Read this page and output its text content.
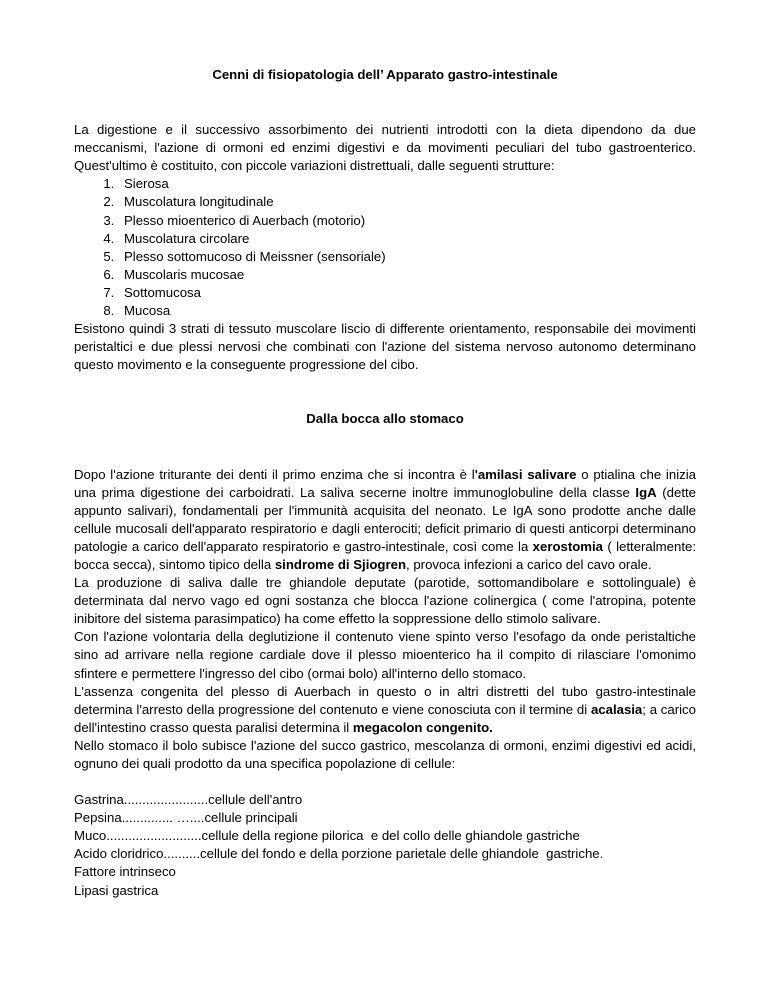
Cenni di fisiopatologia dell’ Apparato gastro-intestinale

La digestione e il successivo assorbimento dei nutrienti introdotti con la dieta dipendono da due meccanismi, l'azione di ormoni ed enzimi digestivi e da movimenti peculiari del tubo gastroenterico. Quest'ultimo è costituito, con piccole variazioni distrettuali, dalle seguenti strutture:

1. Sierosa
2. Muscolatura longitudinale
3. Plesso mioenterico di Auerbach (motorio)
4. Muscolatura circolare
5. Plesso sottomucoso di Meissner (sensoriale)
6. Muscolaris mucosae
7. Sottomucosa
8. Mucosa

Esistono quindi 3 strati di tessuto muscolare liscio di differente orientamento, responsabile dei movimenti peristaltici e due plessi nervosi che combinati con l'azione del sistema nervoso autonomo determinano questo movimento e la conseguente progressione del cibo.

Dalla bocca allo stomaco

Dopo l'azione triturante dei denti il primo enzima che si incontra è l'amilasi salivare o ptialina che inizia una prima digestione dei carboidrati. La saliva secerne inoltre immunoglobuline della classe IgA (dette appunto salivari), fondamentali per l'immunità acquisita del neonato. Le IgA sono prodotte anche dalle cellule mucosali dell'apparato respiratorio e dagli enterociti; deficit primario di questi anticorpi determinano patologie a carico dell'apparato respiratorio e gastro-intestinale, così come la xerostomia ( letteralmente: bocca secca), sintomo tipico della sindrome di Sjiogren, provoca infezioni a carico del cavo orale.

La produzione di saliva dalle tre ghiandole deputate (parotide, sottomandibolare e sottolinguale) è determinata dal nervo vago ed ogni sostanza che blocca l'azione colinergica ( come l'atropina, potente inibitore del sistema parasimpatico) ha come effetto la soppressione dello stimolo salivare.

Con l'azione volontaria della deglutizione il contenuto viene spinto verso l'esofago da onde peristaltiche sino ad arrivare nella regione cardiale dove il plesso mioenterico ha il compito di rilasciare l'omonimo sfintere e permettere l'ingresso del cibo (ormai bolo) all'interno dello stomaco.

L'assenza congenita del plesso di Auerbach in questo o in altri distretti del tubo gastro-intestinale determina l'arresto della progressione del contenuto e viene conosciuta con il termine di acalasia; a carico dell'intestino crasso questa paralisi determina il megacolon congenito.

Nello stomaco il bolo subisce l'azione del succo gastrico, mescolanza di ormoni, enzimi digestivi ed acidi, ognuno dei quali prodotto da una specifica popolazione di cellule:

Gastrina.......................cellule dell'antro
Pepsina.............. …....cellule principali
Muco..........................cellule della regione pilorica  e del collo delle ghiandole gastriche
Acido cloridrico..........cellule del fondo e della porzione parietale delle ghiandole  gastriche.
Fattore intrinseco
Lipasi gastrica
